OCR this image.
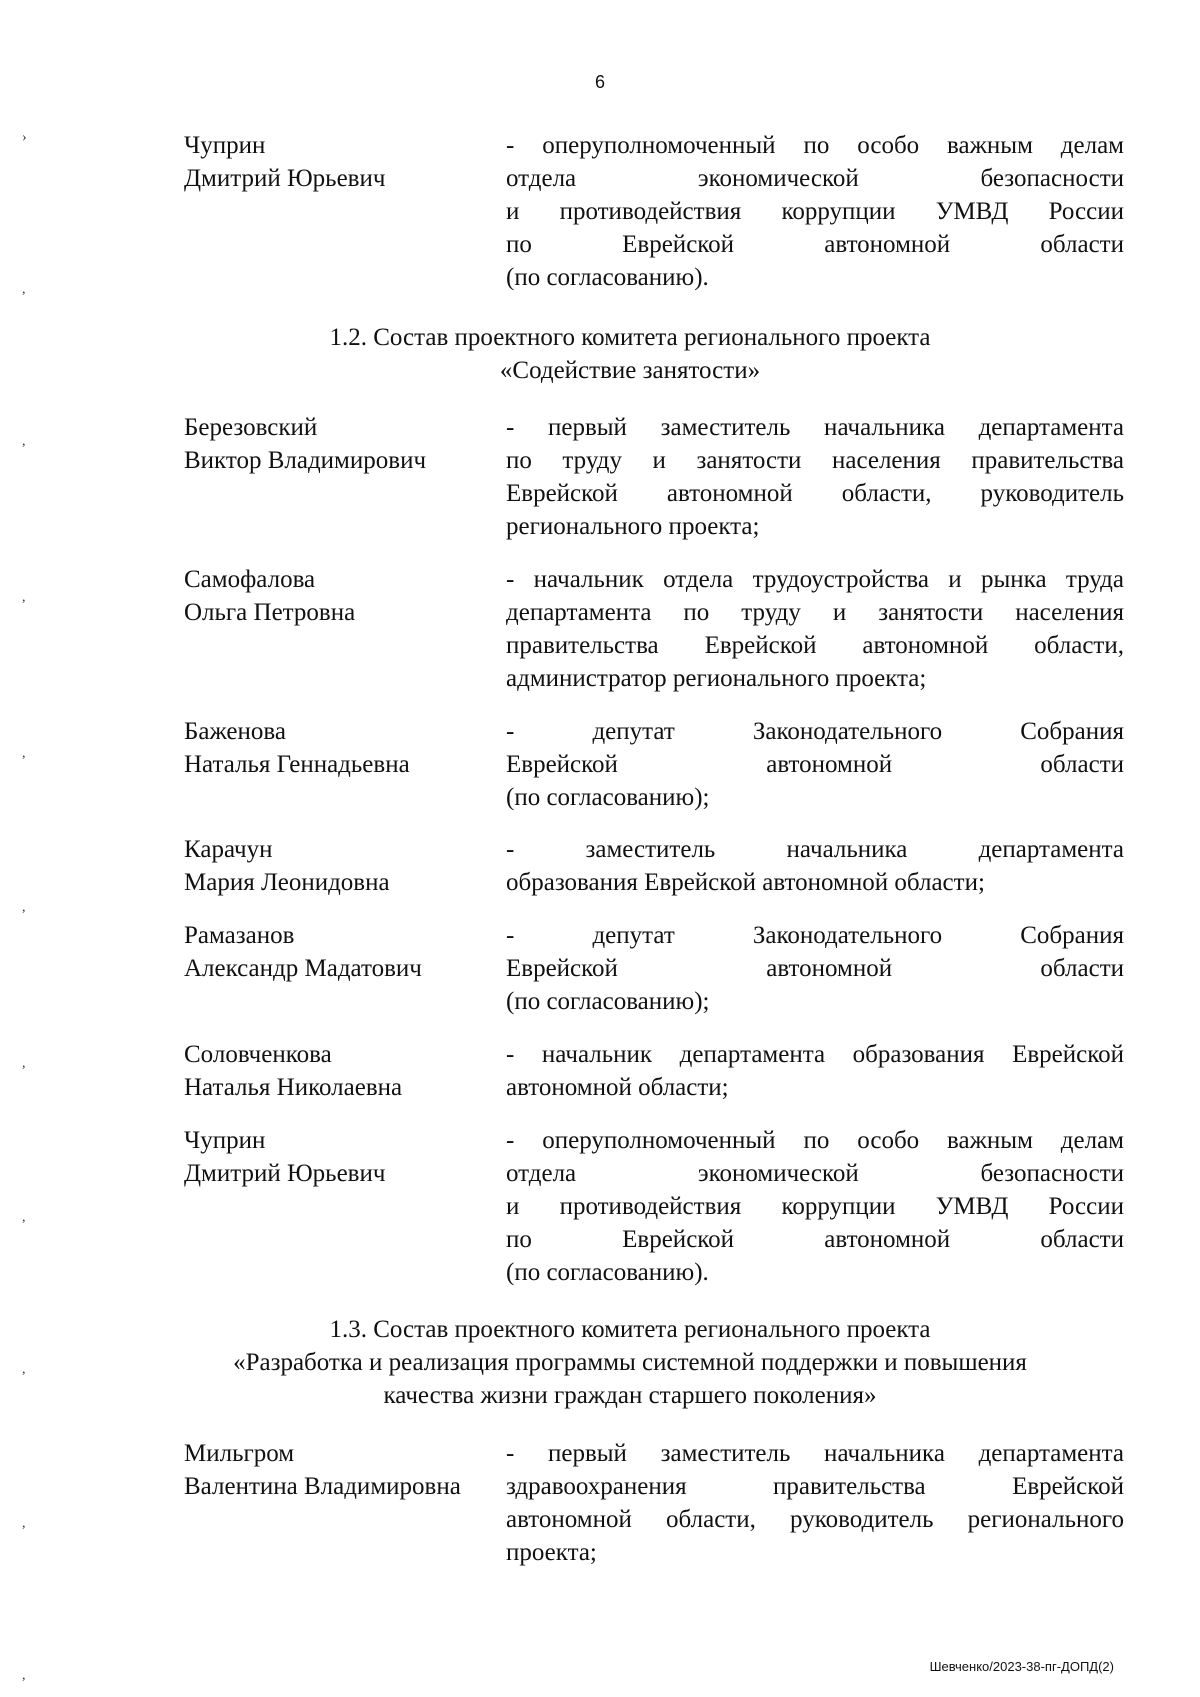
6
Чуприн
Дмитрий Юрьевич
- оперуполномоченный по особо важным делам
отдела экономической безопасности
и противодействия коррупции УМВД России
по Еврейской автономной области
(по согласованию).
1.2. Состав проектного комитета регионального проекта
«Содействие занятости»
Березовский
Виктор Владимирович
- первый заместитель начальника департамента
по труду и занятости населения правительства
Еврейской автономной области, руководитель
регионального проекта;
Самофалова
Ольга Петровна
- начальник отдела трудоустройства и рынка труда
департамента по труду и занятости населения
правительства Еврейской автономной области,
администратор регионального проекта;
Баженова
Наталья Геннадьевна
- депутат Законодательного Собрания
Еврейской автономной области
(по согласованию);
Карачун
Мария Леонидовна
- заместитель начальника департамента
образования Еврейской автономной области;
Рамазанов
Александр Мадатович
- депутат Законодательного Собрания
Еврейской автономной области
(по согласованию);
Соловченкова
Наталья Николаевна
- начальник департамента образования Еврейской
автономной области;
Чуприн
Дмитрий Юрьевич
- оперуполномоченный по особо важным делам
отдела экономической безопасности
и противодействия коррупции УМВД России
по Еврейской автономной области
(по согласованию).
1.3. Состав проектного комитета регионального проекта
«Разработка и реализация программы системной поддержки и повышения
качества жизни граждан старшего поколения»
Мильгром
Валентина Владимировна
- первый заместитель начальника департамента
здравоохранения правительства Еврейской
автономной области, руководитель регионального
проекта;
Шевченко/2023-38-пг-ДОПД(2)
›
,
,
,
,
,
,
,
,
,
,
